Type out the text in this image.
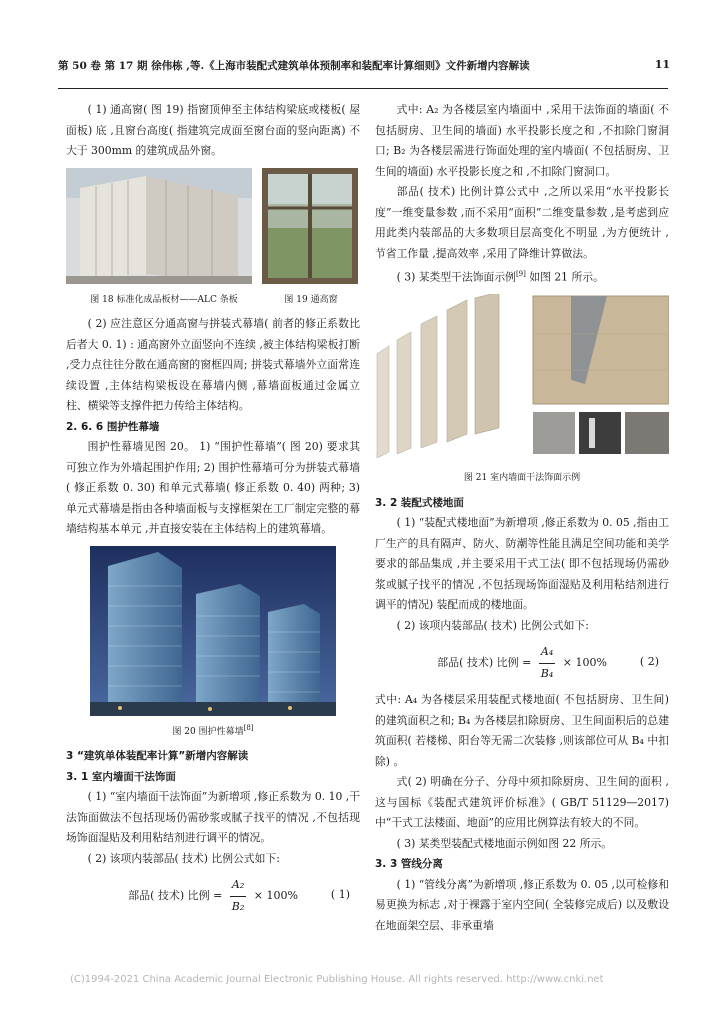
第 50 卷 第 17 期 徐伟栋 ,等.《上海市装配式建筑单体预制率和装配率计算细则》文件新增内容解读	11

( 1) 通高窗( 图 19) 指窗顶伸至主体结构梁底或楼板( 屋面板) 底 ,且窗台高度( 指建筑完成面至窗台面的竖向距离) 不大于 300mm 的建筑成品外窗。

图 18 标准化成品板材——ALC 条板	图 19 通高窗

( 2) 应注意区分通高窗与拼装式幕墙( 前者的修正系数比后者大 0. 1) : 通高窗外立面竖向不连续 ,被主体结构梁板打断 ,受力点往往分散在通高窗的窗框四周; 拼装式幕墙外立面常连续设置 ,主体结构梁板设在幕墙内侧 ,幕墙面板通过金属立柱、横梁等支撑件把力传给主体结构。

2. 6. 6 围护性幕墙

围护性幕墙见图 20。 1) “围护性幕墙”( 图 20) 要求其可独立作为外墙起围护作用; 2) 围护性幕墙可分为拼装式幕墙( 修正系数 0. 30) 和单元式幕墙( 修正系数 0. 40) 两种; 3) 单元式幕墙是指由各种墙面板与支撑框架在工厂制定完整的幕墙结构基本单元 ,并直接安装在主体结构上的建筑幕墙。

图 20 围护性幕墙[8]

3 “建筑单体装配率计算”新增内容解读

3. 1 室内墙面干法饰面

( 1) “室内墙面干法饰面”为新增项 ,修正系数为 0. 10 ,干法饰面做法不包括现场仍需砂浆或腻子找平的情况 ,不包括现场饰面湿贴及利用粘结剂进行调平的情况。

( 2) 该项内装部品( 技术) 比例公式如下:

部品( 技术) 比例 = $\frac{\text{A₂}}{\text{B₂}} \times 100\%$	( 1)

式中: A₂ 为各楼层室内墙面中 ,采用干法饰面的墙面( 不包括厨房、卫生间的墙面) 水平投影长度之和 ,不扣除门窗洞口; B₂ 为各楼层需进行饰面处理的室内墙面( 不包括厨房、卫生间的墙面) 水平投影长度之和 ,不扣除门窗洞口。

部品( 技术) 比例计算公式中 ,之所以采用“水平投影长度”一维变量参数 ,而不采用“面积”二维变量参数 ,是考虑到应用此类内装部品的大多数项目层高变化不明显 ,为方便统计 ,节省工作量 ,提高效率 ,采用了降维计算做法。

( 3) 某类型干法饰面示例[9] 如图 21 所示。

图 21 室内墙面干法饰面示例

3. 2 装配式楼地面

( 1) “装配式楼地面”为新增项 ,修正系数为 0. 05 ,指由工厂生产的具有隔声、防火、防潮等性能且满足空间功能和美学要求的部品集成 ,并主要采用干式工法( 即不包括现场仍需砂浆或腻子找平的情况 ,不包括现场饰面湿贴及利用粘结剂进行调平的情况) 装配而成的楼地面。

( 2) 该项内装部品( 技术) 比例公式如下:

部品( 技术) 比例 = $\frac{\text{A₄}}{\text{B₄}} \times 100\%$	( 2)

式中: A₄ 为各楼层采用装配式楼地面( 不包括厨房、卫生间) 的建筑面积之和; B₄ 为各楼层扣除厨房、卫生间面积后的总建筑面积( 若楼梯、阳台等无需二次装修 ,则该部位可从 B₄ 中扣除) 。

式( 2) 明确在分子、分母中须扣除厨房、卫生间的面积 ,这与国标《装配式建筑评价标准》( GB/T 51129—2017) 中“干式工法楼面、地面”的应用比例算法有较大的不同。

( 3) 某类型装配式楼地面示例如图 22 所示。

3. 3 管线分离

( 1) “管线分离”为新增项 ,修正系数为 0. 05 ,以可检修和易更换为标志 ,对于裸露于室内空间( 全装修完成后) 以及敷设在地面架空层、非承重墙

(C)1994-2021 China Academic Journal Electronic Publishing House. All rights reserved. http://www.cnki.net
